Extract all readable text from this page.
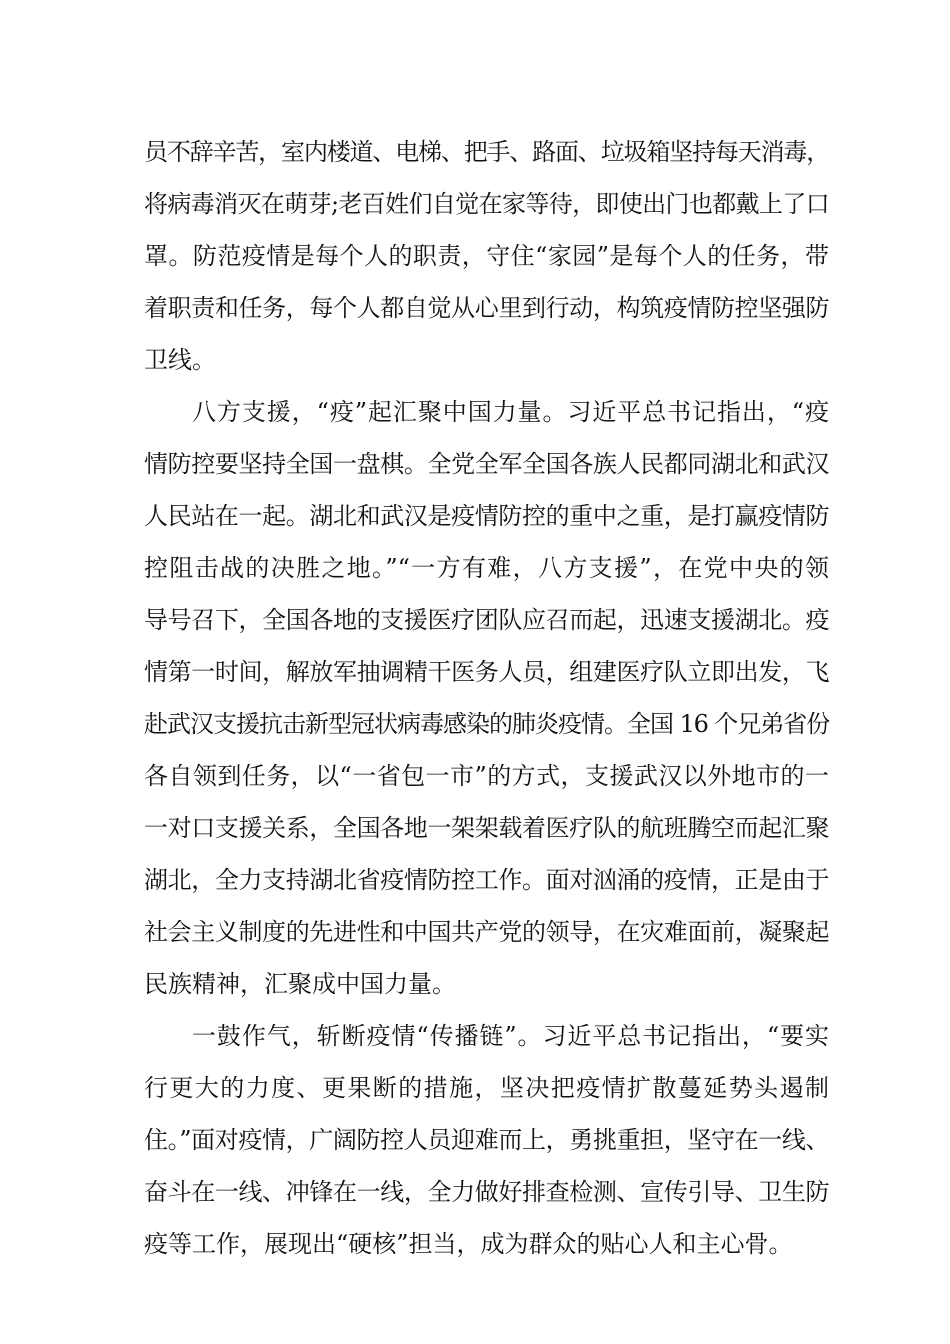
员不辞辛苦，室内楼道、电梯、把手、路面、垃圾箱坚持每天消毒，
将病毒消灭在萌芽;老百姓们自觉在家等待，即使出门也都戴上了口
罩。防范疫情是每个人的职责，守住“家园”是每个人的任务，带
着职责和任务，每个人都自觉从心里到行动，构筑疫情防控坚强防
卫线。
八方支援，“疫”起汇聚中国力量。习近平总书记指出，“疫
情防控要坚持全国一盘棋。全党全军全国各族人民都同湖北和武汉
人民站在一起。湖北和武汉是疫情防控的重中之重，是打赢疫情防
控阻击战的决胜之地。”“一方有难，八方支援”，在党中央的领
导号召下，全国各地的支援医疗团队应召而起，迅速支援湖北。疫
情第一时间，解放军抽调精干医务人员，组建医疗队立即出发，飞
赴武汉支援抗击新型冠状病毒感染的肺炎疫情。全国 16 个兄弟省份
各自领到任务，以“一省包一市”的方式，支援武汉以外地市的一
一对口支援关系，全国各地一架架载着医疗队的航班腾空而起汇聚
湖北，全力支持湖北省疫情防控工作。面对汹涌的疫情，正是由于
社会主义制度的先进性和中国共产党的领导，在灾难面前，凝聚起
民族精神，汇聚成中国力量。
一鼓作气，斩断疫情“传播链”。习近平总书记指出，“要实
行更大的力度、更果断的措施，坚决把疫情扩散蔓延势头遏制
住。”面对疫情，广阔防控人员迎难而上，勇挑重担，坚守在一线、
奋斗在一线、冲锋在一线，全力做好排查检测、宣传引导、卫生防
疫等工作，展现出“硬核”担当，成为群众的贴心人和主心骨。
